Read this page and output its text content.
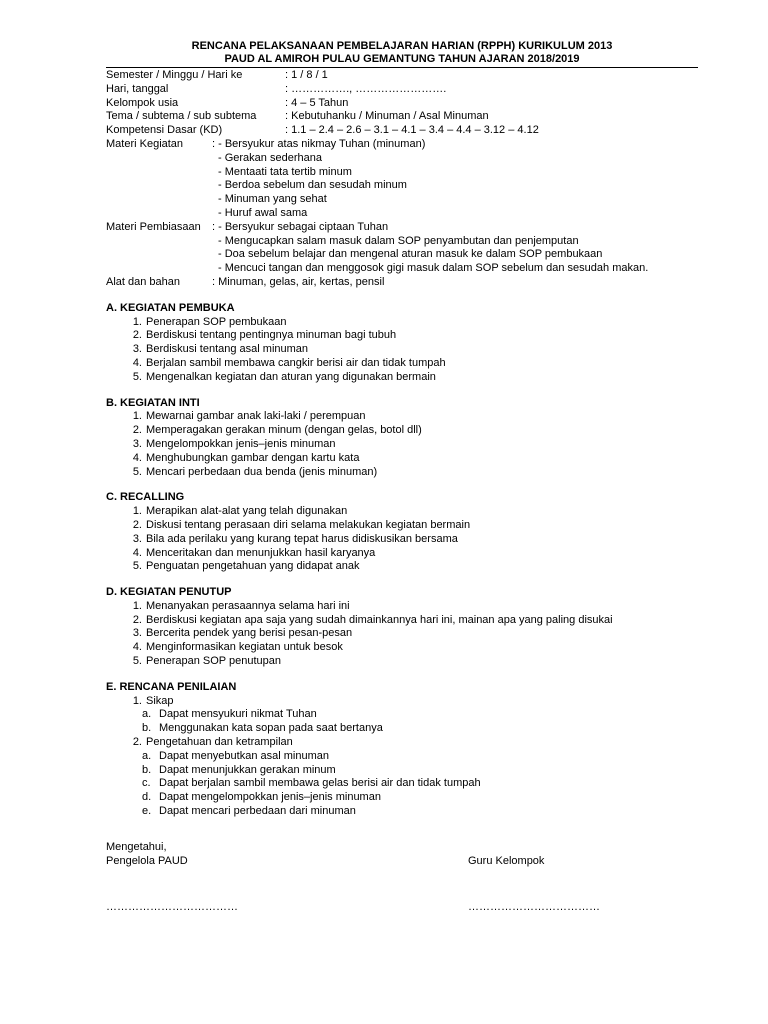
RENCANA PELAKSANAAN PEMBELAJARAN HARIAN (RPPH) KURIKULUM 2013
PAUD AL AMIROH PULAU GEMANTUNG TAHUN AJARAN 2018/2019
Semester / Minggu / Hari ke	: 1 / 8 / 1
Hari, tanggal	: ……………., …………………….
Kelompok usia	: 4 – 5 Tahun
Tema / subtema / sub subtema	: Kebutuhanku / Minuman / Asal Minuman
Kompetensi Dasar (KD)	: 1.1 – 2.4 – 2.6 – 3.1 – 4.1 – 3.4 – 4.4 – 3.12 – 4.12
Materi Kegiatan	: - Bersyukur atas nikmay Tuhan (minuman)
- Gerakan sederhana
- Mentaati tata tertib minum
- Berdoa sebelum dan sesudah minum
- Minuman yang sehat
- Huruf awal sama
Materi Pembiasaan	: - Bersyukur sebagai ciptaan Tuhan
- Mengucapkan salam masuk dalam SOP penyambutan dan penjemputan
- Doa sebelum belajar dan mengenal aturan masuk ke dalam SOP pembukaan
- Mencuci tangan dan menggosok gigi masuk dalam SOP sebelum dan sesudah makan.
Alat dan bahan	: Minuman, gelas, air, kertas, pensil
A. KEGIATAN PEMBUKA
1. Penerapan SOP pembukaan
2. Berdiskusi tentang pentingnya minuman bagi tubuh
3. Berdiskusi tentang asal minuman
4. Berjalan sambil membawa cangkir berisi air dan tidak tumpah
5. Mengenalkan kegiatan dan aturan yang digunakan bermain
B. KEGIATAN INTI
1. Mewarnai gambar anak laki-laki / perempuan
2. Memperagakan gerakan minum (dengan gelas, botol dll)
3. Mengelompokkan jenis–jenis minuman
4. Menghubungkan gambar dengan kartu kata
5. Mencari perbedaan dua benda (jenis minuman)
C. RECALLING
1. Merapikan alat-alat yang telah digunakan
2. Diskusi tentang perasaan diri selama melakukan kegiatan bermain
3. Bila ada perilaku yang kurang tepat harus didiskusikan bersama
4. Menceritakan dan menunjukkan hasil karyanya
5. Penguatan pengetahuan yang didapat anak
D. KEGIATAN PENUTUP
1. Menanyakan perasaannya selama hari ini
2. Berdiskusi kegiatan apa saja yang sudah dimainkannya hari ini, mainan apa yang paling disukai
3. Bercerita pendek yang berisi pesan-pesan
4. Menginformasikan kegiatan untuk besok
5. Penerapan SOP penutupan
E. RENCANA PENILAIAN
1. Sikap
a. Dapat mensyukuri nikmat Tuhan
b. Menggunakan kata sopan pada saat bertanya
2. Pengetahuan dan ketrampilan
a. Dapat menyebutkan asal minuman
b. Dapat menunjukkan gerakan minum
c. Dapat berjalan sambil membawa gelas berisi air dan tidak tumpah
d. Dapat mengelompokkan jenis–jenis minuman
e. Dapat mencari perbedaan dari minuman
Mengetahui,
Pengelola PAUD	Guru Kelompok
………………………………	………………………………
